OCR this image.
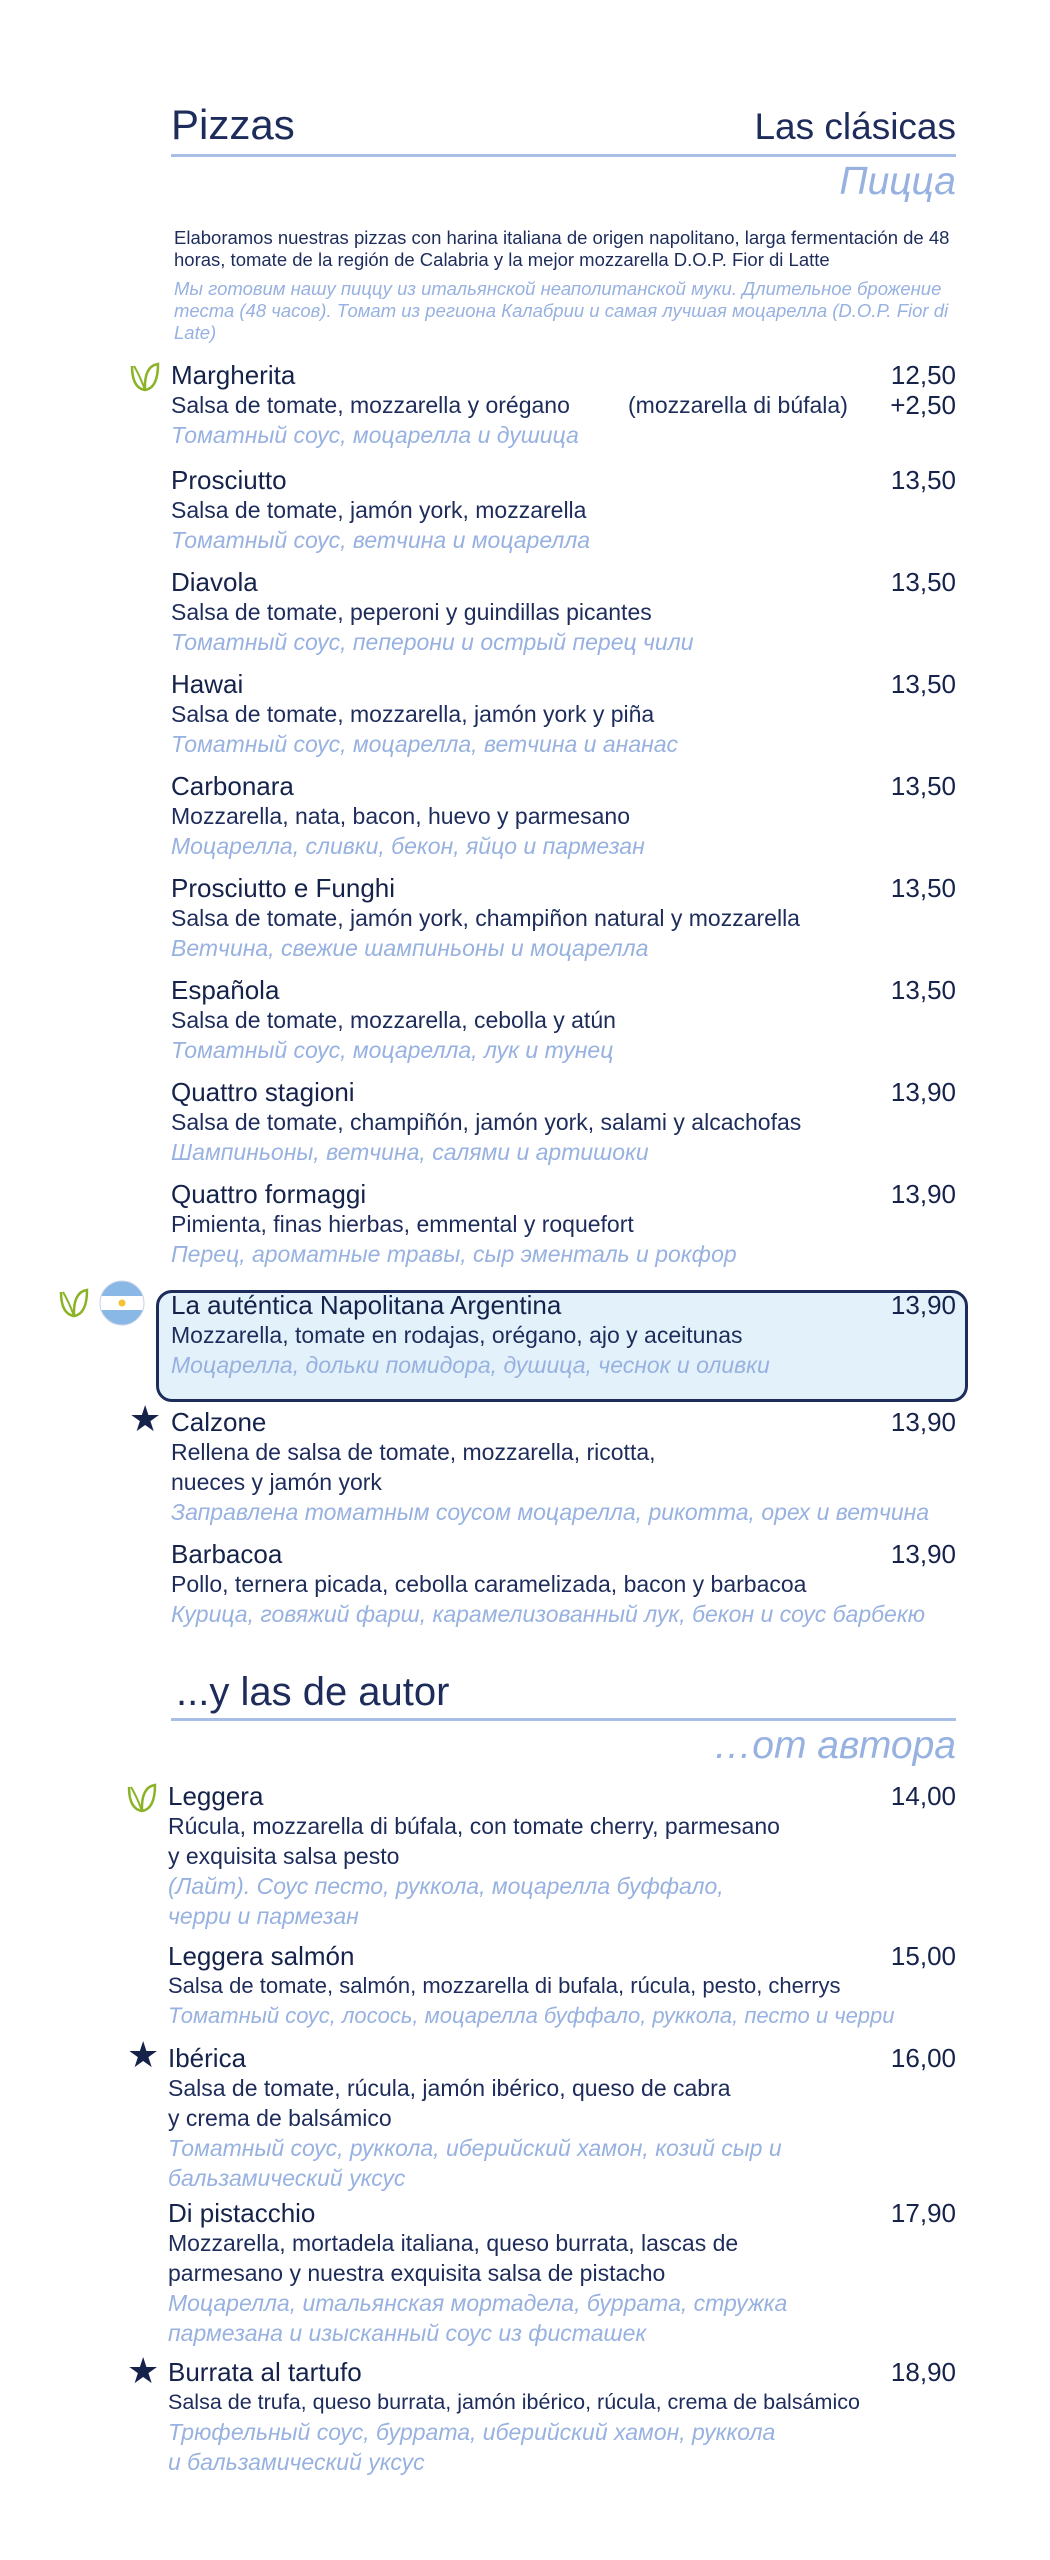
Pizzas	Las clásicas
Пицца
Elaboramos nuestras pizzas con harina italiana de origen napolitano, larga fermentación de 48 horas, tomate de la región de Calabria y la mejor mozzarella D.O.P. Fior di Latte
Мы готовим нашу пиццу из итальянской неаполитанской муки. Длительное брожение теста (48 часов). Томат из региона Калабрии и самая лучшая моцарелла (D.O.P. Fior di Late)
Margherita
Salsa de tomate, mozzarella y orégano
Томатный соус, моцарелла и душица
(mozzarella di búfala)
12,50
+2,50
Prosciutto
Salsa de tomate, jamón york, mozzarella
Томатный соус, ветчина и моцарелла
13,50
Diavola
Salsa de tomate, peperoni y guindillas picantes
Томатный соус, пеперони и острый перец чили
13,50
Hawai
Salsa de tomate, mozzarella, jamón york y piña
Томатный соус, моцарелла, ветчина и ананас
13,50
Carbonara
Mozzarella, nata, bacon, huevo y parmesano
Моцарелла, сливки, бекон, яйцо и пармезан
13,50
Prosciutto e Funghi
Salsa de tomate, jamón york, champiñon natural y mozzarella
Ветчина, свежие шампиньоны и моцарелла
13,50
Española
Salsa de tomate, mozzarella, cebolla y atún
Томатный соус, моцарелла, лук и тунец
13,50
Quattro stagioni
Salsa de tomate, champiñón, jamón york, salami y alcachofas
Шампиньоны, ветчина, салями и артишоки
13,90
Quattro formaggi
Pimienta, finas hierbas, emmental y roquefort
Перец, ароматные травы, сыр эменталь и рокфор
13,90
La auténtica Napolitana Argentina
Mozzarella, tomate en rodajas, orégano, ajo y aceitunas
Моцарелла, дольки помидора, душица, чеснок и оливки
13,90
Calzone
Rellena de salsa de tomate, mozzarella, ricotta,
nueces y jamón york
Заправлена томатным соусом моцарелла, рикотта, орех и ветчина
13,90
Barbacoa
Pollo, ternera picada, cebolla caramelizada, bacon y barbacoa
Курица, говяжий фарш, карамелизованный лук, бекон и соус барбекю
13,90
...y las de autor
…от автора
Leggera
Rúcula, mozzarella di búfala, con tomate cherry, parmesano
y exquisita salsa pesto
(Лайт). Соус песто, руккола, моцарелла буффало,
черри и пармезан
14,00
Leggera salmón
Salsa de tomate, salmón, mozzarella di bufala, rúcula, pesto, cherrys
Томатный соус, лосось, моцарелла буффало, руккола, песто и черри
15,00
Ibérica
Salsa de tomate, rúcula, jamón ibérico, queso de cabra
y crema de balsámico
Томатный соус, руккола, иберийский хамон, козий сыр и
бальзамический уксус
16,00
Di pistacchio
Mozzarella, mortadela italiana, queso burrata, lascas de
parmesano y nuestra exquisita salsa de pistacho
Моцарелла, итальянская мортадела, буррата, стружка
пармезана и изысканный соус из фисташек
17,90
Burrata al tartufo
Salsa de trufa, queso burrata, jamón ibérico, rúcula, crema de balsámico
Трюфельный соус, буррата, иберийский хамон, руккола
и бальзамический уксус
18,90
★
★
★
